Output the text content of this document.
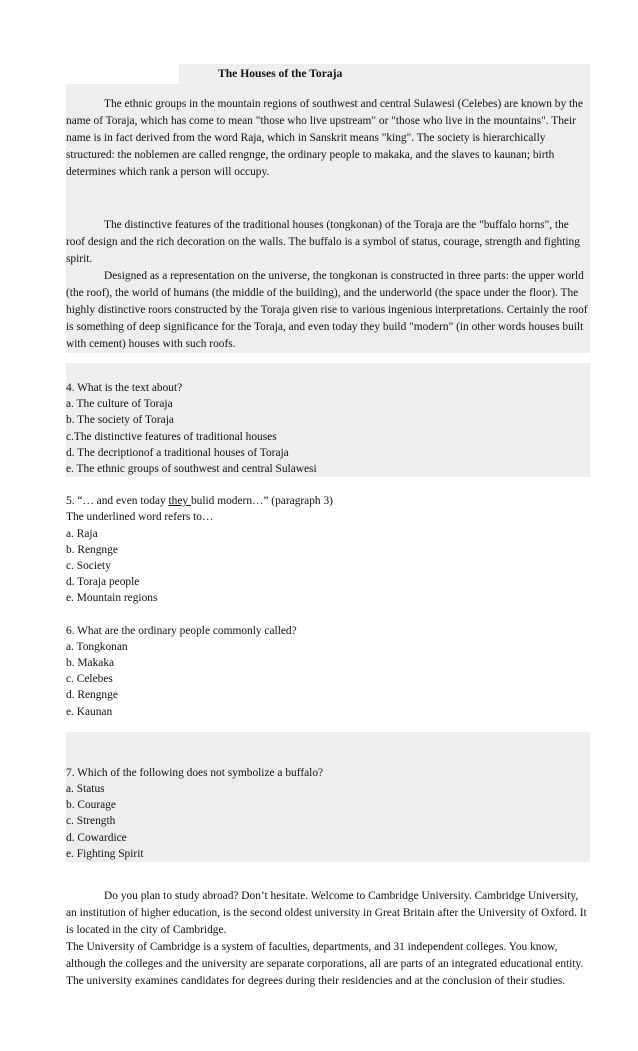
The Houses of the Toraja
The ethnic groups in the mountain regions of southwest and central Sulawesi (Celebes) are known by the name of Toraja, which has come to mean "those who live upstream" or "those who live in the mountains". Their name is in fact derived from the word Raja, which in Sanskrit means "king". The society is hierarchically structured: the noblemen are called rengnge, the ordinary people to makaka, and the slaves to kaunan; birth determines which rank a person will occupy.
The distinctive features of the traditional houses (tongkonan) of the Toraja are the "buffalo horns", the roof design and the rich decoration on the walls. The buffalo is a symbol of status, courage, strength and fighting spirit.
Designed as a representation on the universe, the tongkonan is constructed in three parts: the upper world (the roof), the world of humans (the middle of the building), and the underworld (the space under the floor). The highly distinctive roors constructed by the Toraja given rise to various ingenious interpretations. Certainly the roof is something of deep significance for the Toraja, and even today they build "modern" (in other words houses built with cement) houses with such roofs.
4. What is the text about?
a. The culture of Toraja
b. The society of Toraja
c.The distinctive features of traditional houses
d. The decriptionof a traditional houses of Toraja
e. The ethnic groups of southwest and central Sulawesi
5. “… and even today they bulid modern…” (paragraph 3)
The underlined word refers to…
a. Raja
b. Rengnge
c. Society
d. Toraja people
e. Mountain regions
6. What are the ordinary people commonly called?
a. Tongkonan
b. Makaka
c. Celebes
d. Rengnge
e. Kaunan
7. Which of the following does not symbolize a buffalo?
a. Status
b. Courage
c. Strength
d. Cowardice
e. Fighting Spirit
Do you plan to study abroad? Don’t hesitate. Welcome to Cambridge University. Cambridge University, an institution of higher education, is the second oldest university in Great Britain after the University of Oxford. It is located in the city of Cambridge.
The University of Cambridge is a system of faculties, departments, and 31 independent colleges. You know, although the colleges and the university are separate corporations, all are parts of an integrated educational entity. The university examines candidates for degrees during their residencies and at the conclusion of their studies.
